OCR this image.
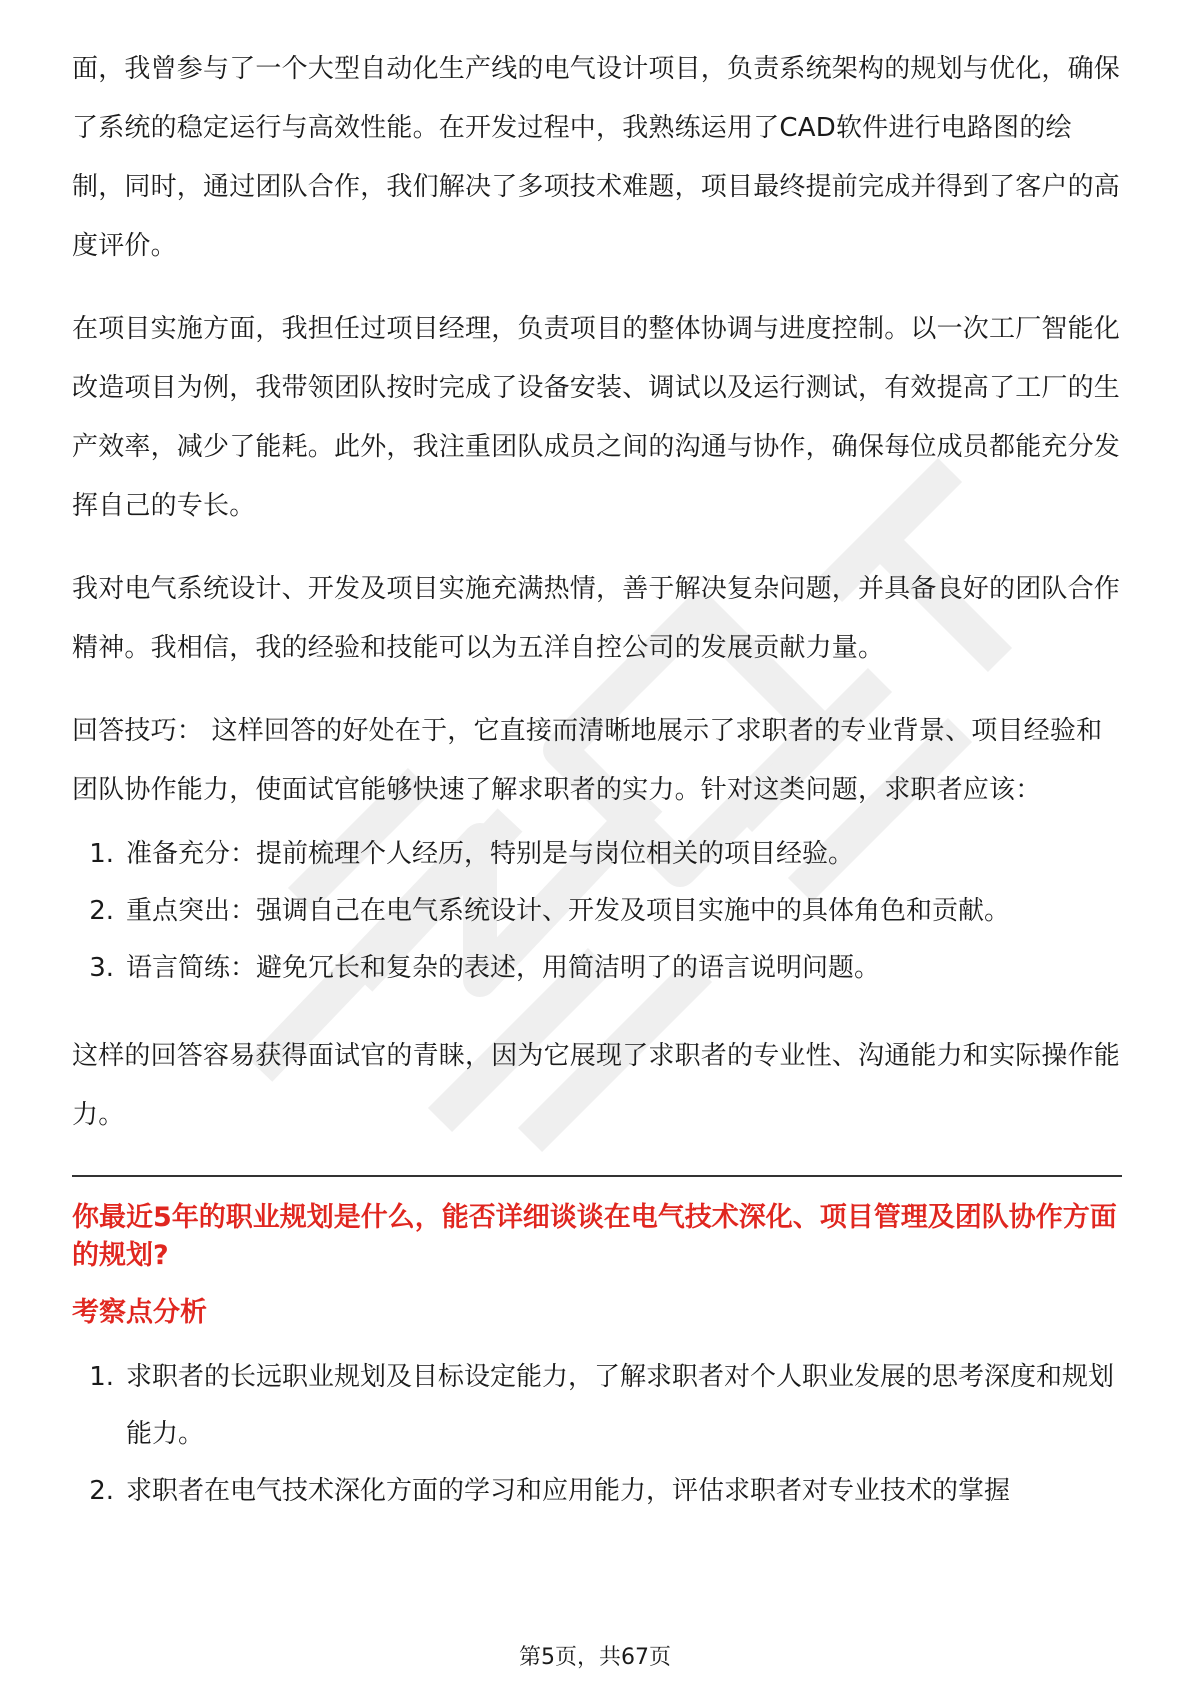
面，我曾参与了一个大型自动化生产线的电气设计项目，负责系统架构的规划与优化，确保了系统的稳定运行与高效性能。在开发过程中，我熟练运用了CAD软件进行电路图的绘制，同时，通过团队合作，我们解决了多项技术难题，项目最终提前完成并得到了客户的高度评价。

在项目实施方面，我担任过项目经理，负责项目的整体协调与进度控制。以一次工厂智能化改造项目为例，我带领团队按时完成了设备安装、调试以及运行测试，有效提高了工厂的生产效率，减少了能耗。此外，我注重团队成员之间的沟通与协作，确保每位成员都能充分发挥自己的专长。

我对电气系统设计、开发及项目实施充满热情，善于解决复杂问题，并具备良好的团队合作精神。我相信，我的经验和技能可以为五洋自控公司的发展贡献力量。

回答技巧： 这样回答的好处在于，它直接而清晰地展示了求职者的专业背景、项目经验和团队协作能力，使面试官能够快速了解求职者的实力。针对这类问题，求职者应该：

1. 准备充分：提前梳理个人经历，特别是与岗位相关的项目经验。
2. 重点突出：强调自己在电气系统设计、开发及项目实施中的具体角色和贡献。
3. 语言简练：避免冗长和复杂的表述，用简洁明了的语言说明问题。

这样的回答容易获得面试官的青睐，因为它展现了求职者的专业性、沟通能力和实际操作能力。

你最近5年的职业规划是什么，能否详细谈谈在电气技术深化、项目管理及团队协作方面的规划?
考察点分析
1. 求职者的长远职业规划及目标设定能力，了解求职者对个人职业发展的思考深度和规划能力。
2. 求职者在电气技术深化方面的学习和应用能力，评估求职者对专业技术的掌握
第5页，共67页
